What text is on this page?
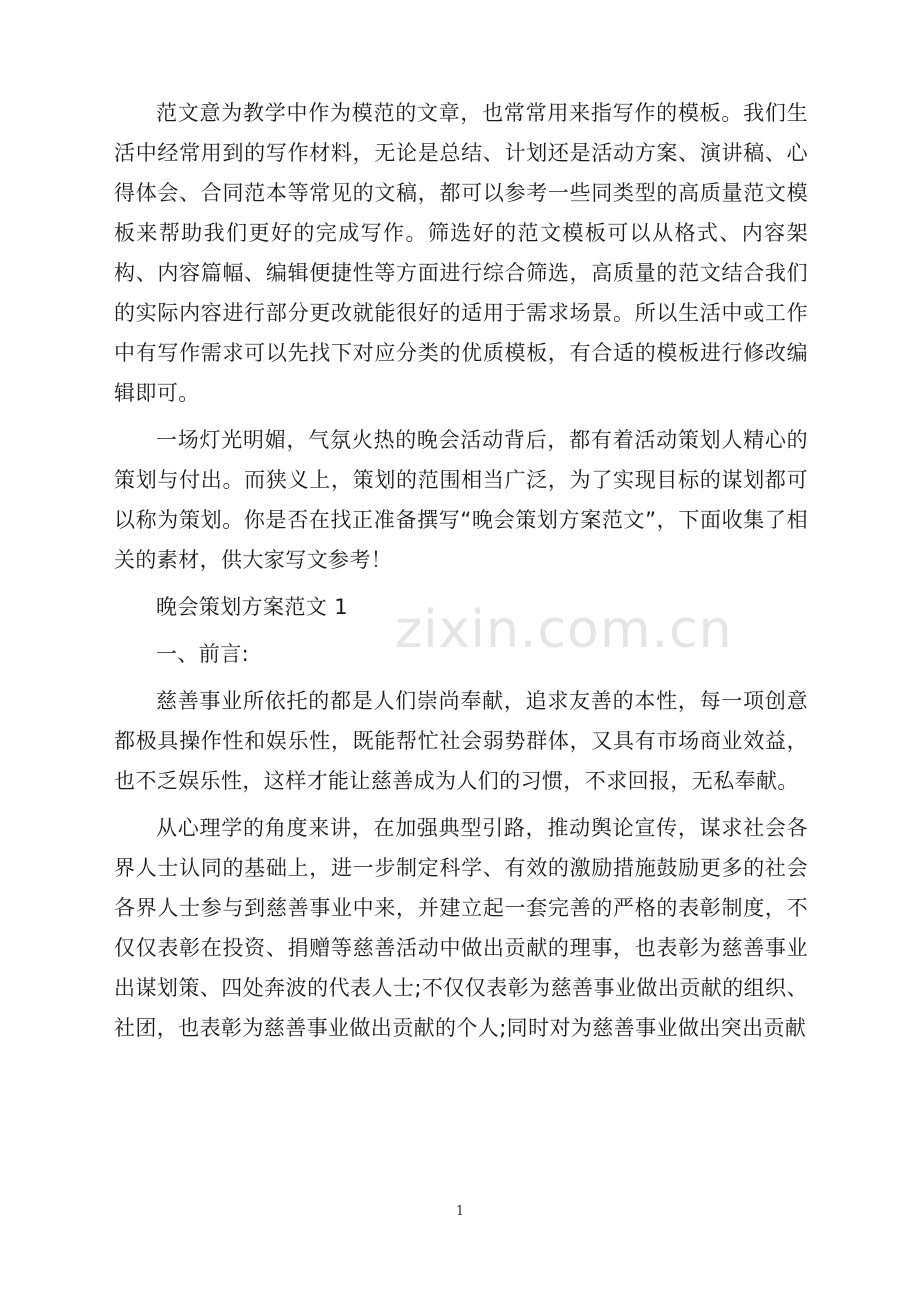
范文意为教学中作为模范的文章，也常常用来指写作的模板。我们生活中经常用到的写作材料，无论是总结、计划还是活动方案、演讲稿、心得体会、合同范本等常见的文稿，都可以参考一些同类型的高质量范文模板来帮助我们更好的完成写作。筛选好的范文模板可以从格式、内容架构、内容篇幅、编辑便捷性等方面进行综合筛选，高质量的范文结合我们的实际内容进行部分更改就能很好的适用于需求场景。所以生活中或工作中有写作需求可以先找下对应分类的优质模板，有合适的模板进行修改编辑即可。

一场灯光明媚，气氛火热的晚会活动背后，都有着活动策划人精心的策划与付出。而狭义上，策划的范围相当广泛，为了实现目标的谋划都可以称为策划。你是否在找正准备撰写“晚会策划方案范文”，下面收集了相关的素材，供大家写文参考！

晚会策划方案范文 1

一、前言:

慈善事业所依托的都是人们崇尚奉献，追求友善的本性，每一项创意都极具操作性和娱乐性，既能帮忙社会弱势群体，又具有市场商业效益，也不乏娱乐性，这样才能让慈善成为人们的习惯，不求回报，无私奉献。

从心理学的角度来讲，在加强典型引路，推动舆论宣传，谋求社会各界人士认同的基础上，进一步制定科学、有效的激励措施鼓励更多的社会各界人士参与到慈善事业中来，并建立起一套完善的严格的表彰制度，不仅仅表彰在投资、捐赠等慈善活动中做出贡献的理事，也表彰为慈善事业出谋划策、四处奔波的代表人士;不仅仅表彰为慈善事业做出贡献的组织、社团，也表彰为慈善事业做出贡献的个人;同时对为慈善事业做出突出贡献

zixin.com.cn
1
